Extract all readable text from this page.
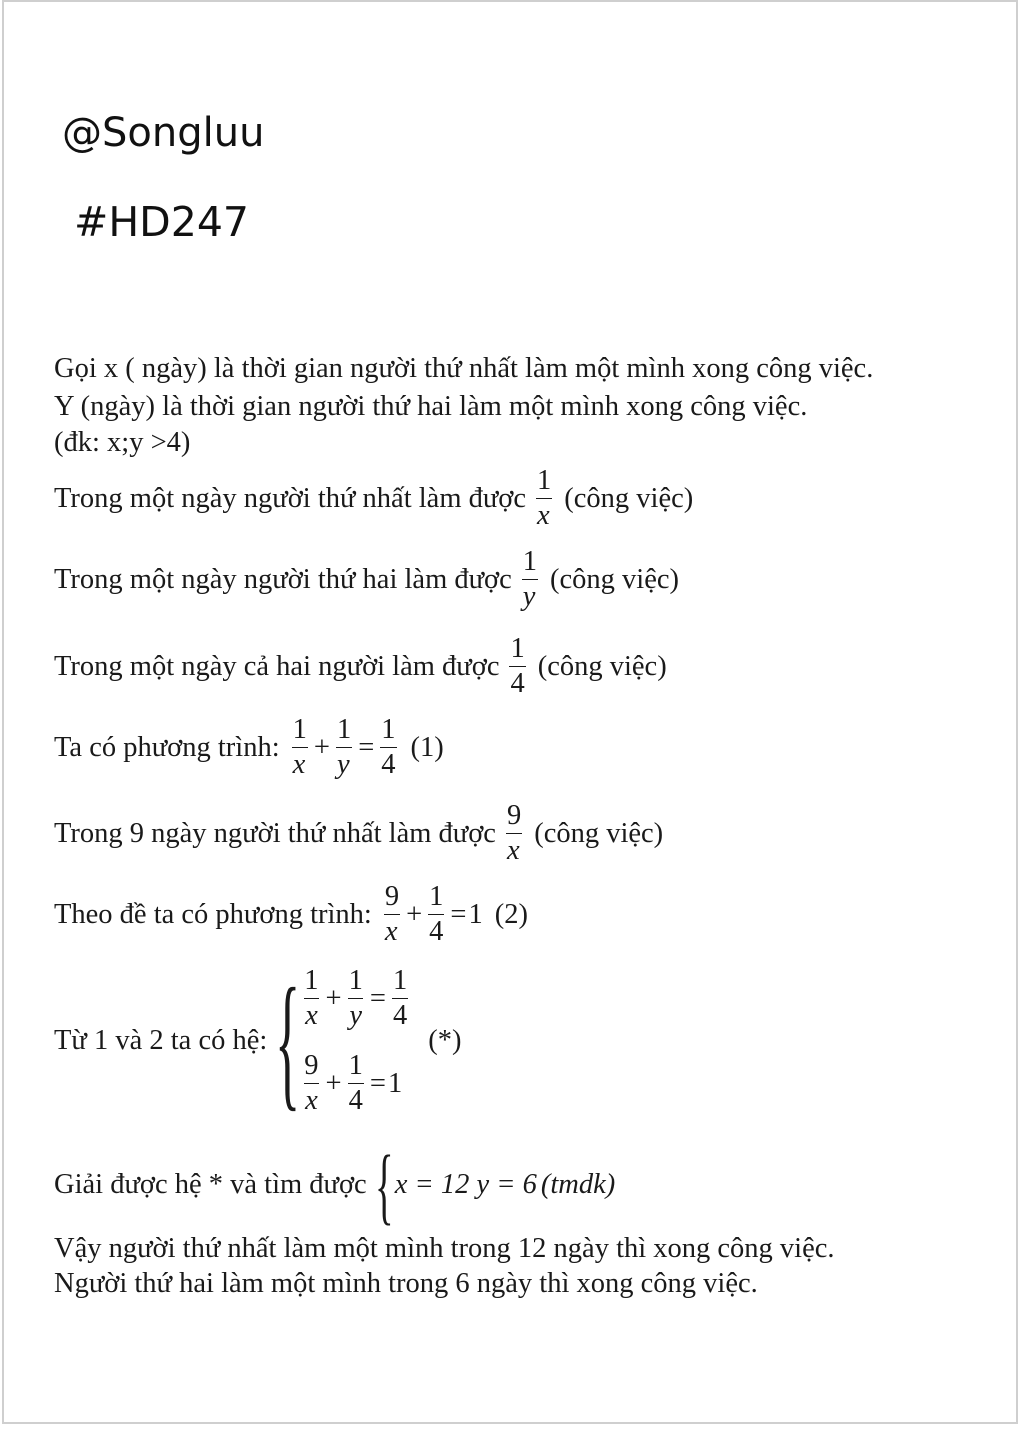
@Songluu
#HD247
Gọi x ( ngày) là thời gian người thứ nhất làm một mình xong công việc.
Y (ngày) là thời gian người thứ hai làm một mình xong công việc.
(đk: x;y >4)
Trong một ngày người thứ nhất làm được $\frac{1}{x}$ (công việc)
Trong một ngày người thứ hai làm được $\frac{1}{y}$ (công việc)
Trong một ngày cả hai người làm được $\frac{1}{4}$ (công việc)
Ta có phương trình: $\frac{1}{x} + \frac{1}{y} = \frac{1}{4} (1)$
Trong 9 ngày người thứ nhất làm được $\frac{9}{x}$ (công việc)
Theo đề ta có phương trình: $\frac{9}{x} + \frac{1}{4} = 1$ (2)
Từ 1 và 2 ta có hệ: { $\frac{1}{x} + \frac{1}{y} = \frac{1}{4}$
$\frac{9}{x} + \frac{1}{4} = 1$
(*)
Giải được hệ * và tìm được { x = 12 y = 6 (tmdk)
Vậy người thứ nhất làm một mình trong 12 ngày thì xong công việc.
Người thứ hai làm một mình trong 6 ngày thì xong công việc.
